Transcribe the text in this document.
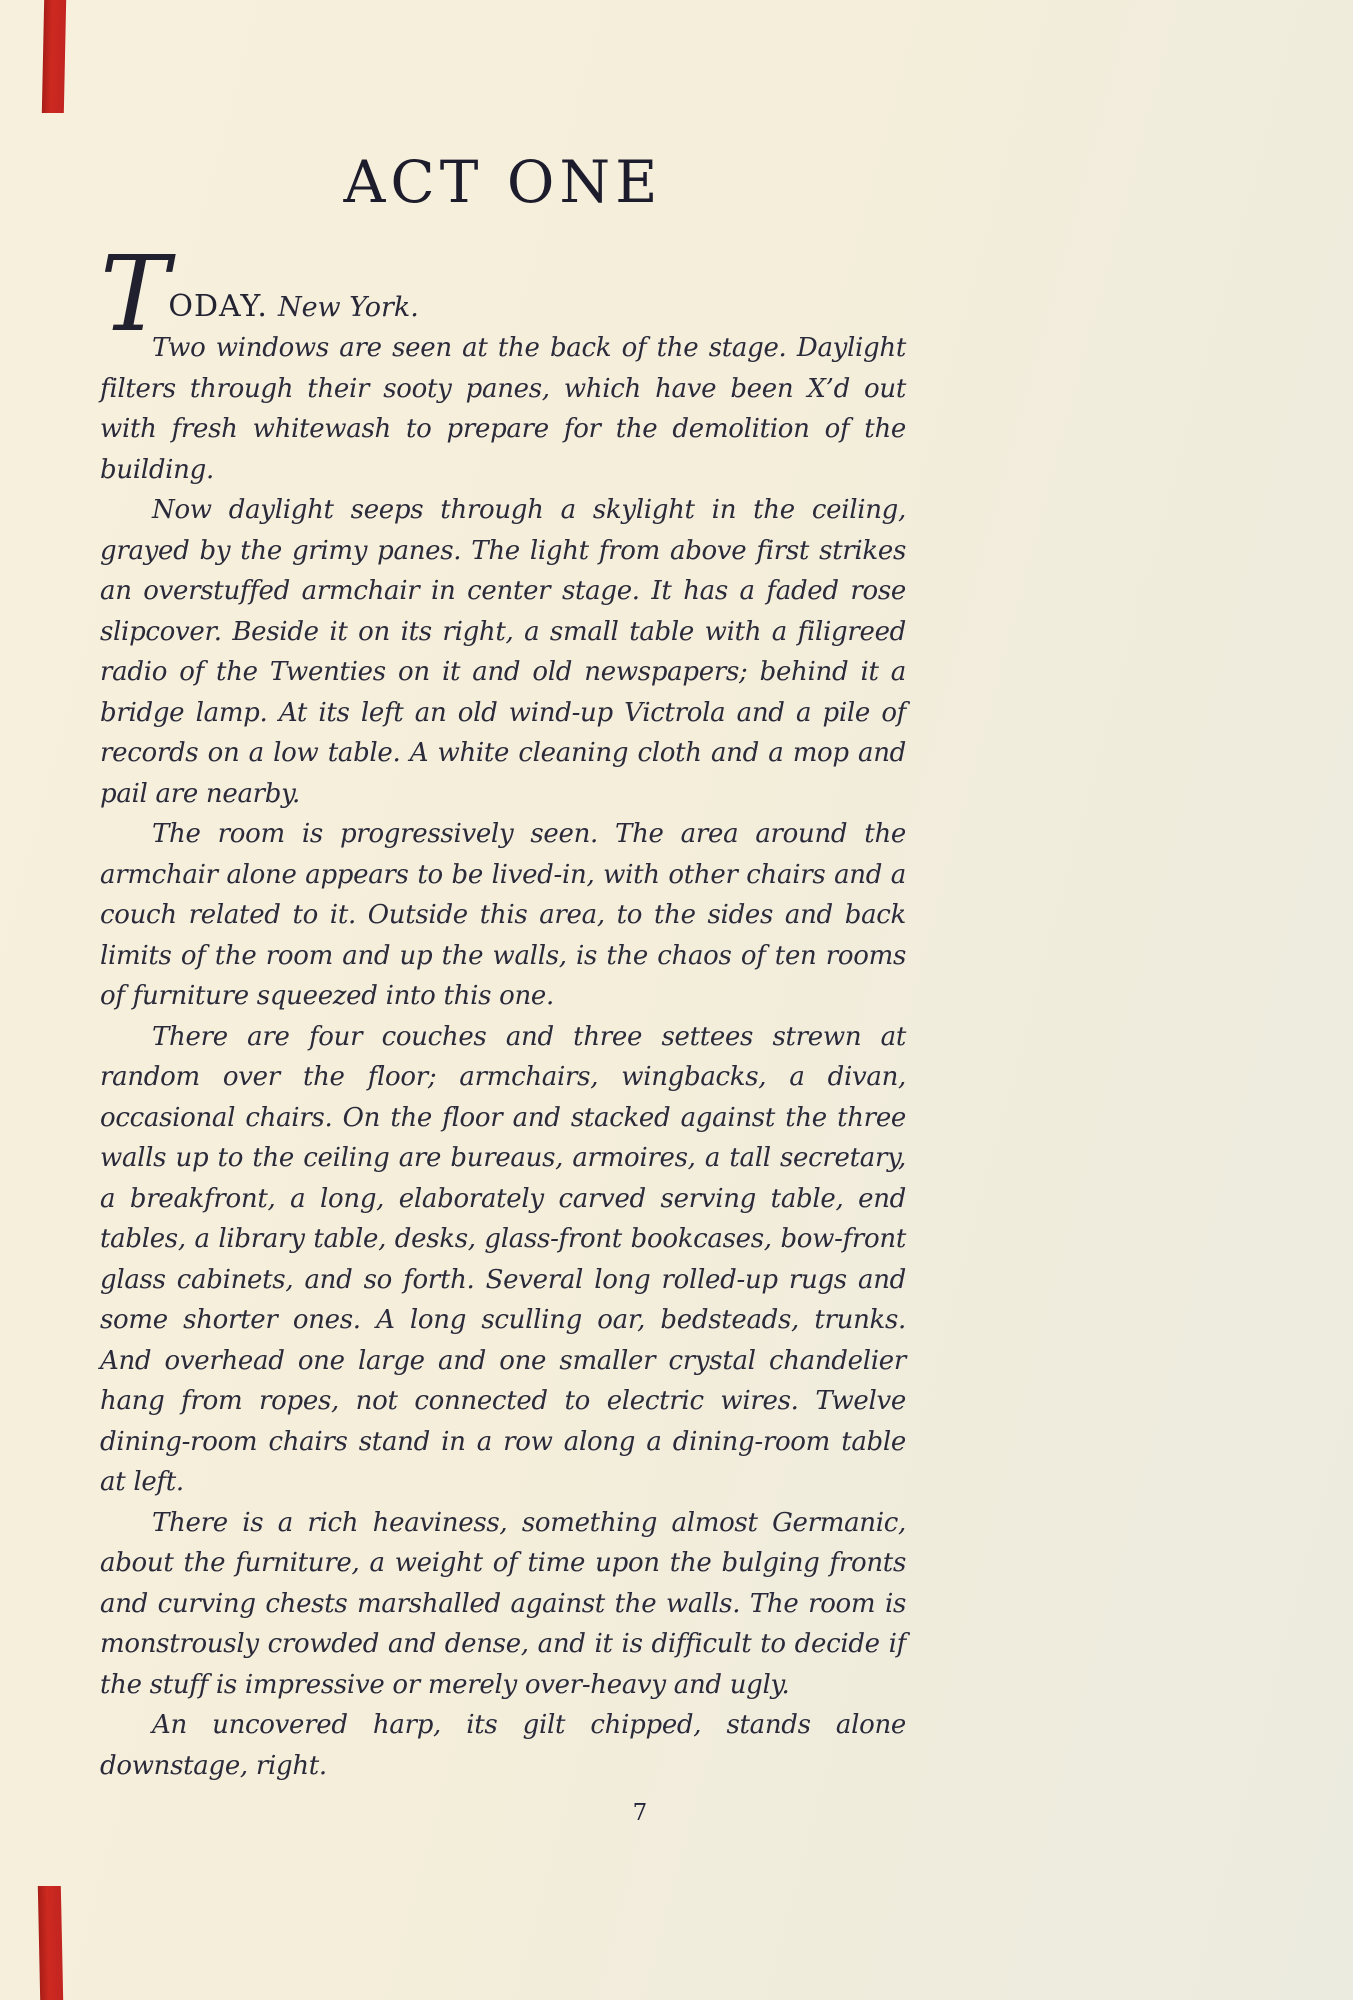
ACT ONE

TODAY. New York.

Two windows are seen at the back of the stage. Daylight filters through their sooty panes, which have been X’d out with fresh whitewash to prepare for the demolition of the building.

Now daylight seeps through a skylight in the ceiling, grayed by the grimy panes. The light from above first strikes an overstuffed armchair in center stage. It has a faded rose slipcover. Beside it on its right, a small table with a filigreed radio of the Twenties on it and old newspapers; behind it a bridge lamp. At its left an old wind-up Victrola and a pile of records on a low table. A white cleaning cloth and a mop and pail are nearby.

The room is progressively seen. The area around the armchair alone appears to be lived-in, with other chairs and a couch related to it. Outside this area, to the sides and back limits of the room and up the walls, is the chaos of ten rooms of furniture squeezed into this one.

There are four couches and three settees strewn at random over the floor; armchairs, wingbacks, a divan, occasional chairs. On the floor and stacked against the three walls up to the ceiling are bureaus, armoires, a tall secretary, a breakfront, a long, elaborately carved serving table, end tables, a library table, desks, glass-front bookcases, bow-front glass cabinets, and so forth. Several long rolled-up rugs and some shorter ones. A long sculling oar, bedsteads, trunks. And overhead one large and one smaller crystal chandelier hang from ropes, not connected to electric wires. Twelve dining-room chairs stand in a row along a dining-room table at left.

There is a rich heaviness, something almost Germanic, about the furniture, a weight of time upon the bulging fronts and curving chests marshalled against the walls. The room is monstrously crowded and dense, and it is difficult to decide if the stuff is impressive or merely over-heavy and ugly.

An uncovered harp, its gilt chipped, stands alone downstage, right.

7
